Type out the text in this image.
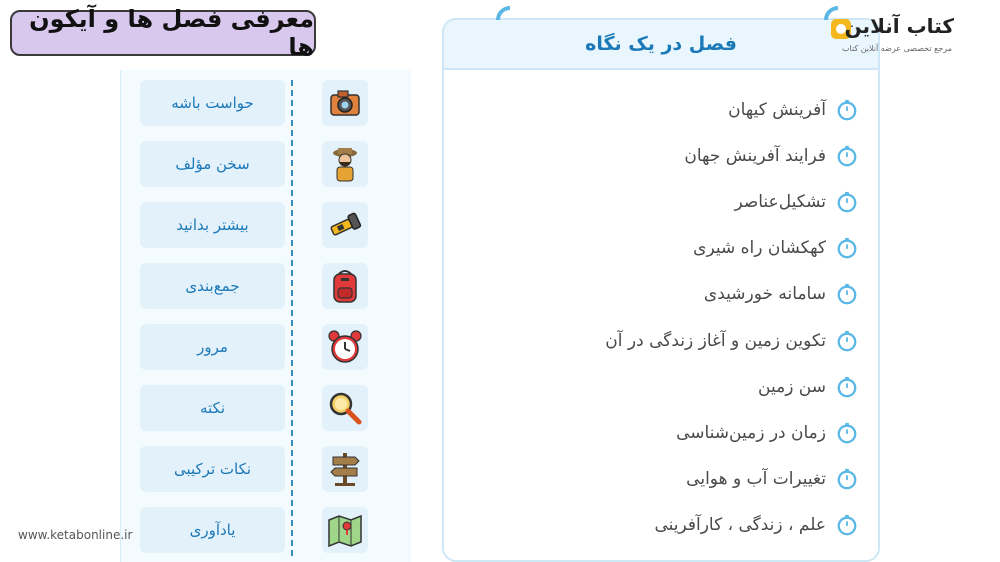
معرفی فصل ها و آیکون ها
حواست باشه
سخن مؤلف
بیشتر بدانید
جمع‌بندی
مرور
نکته
نکات ترکیبی
یادآوری
www.ketabonline.ir
فصل در یک نگاه
آفرینش کیهان
فرایند آفرینش جهان
تشکیل‌عناصر
کهکشان راه شیری
سامانه خورشیدی
تکوین زمین و آغاز زندگی در آن
سن زمین
زمان در زمین‌شناسی
تغییرات آب و هوایی
علم ، زندگی ، کارآفرینی
کتاب آنلاین
مرجع تخصصی عرضه آنلاین کتاب
